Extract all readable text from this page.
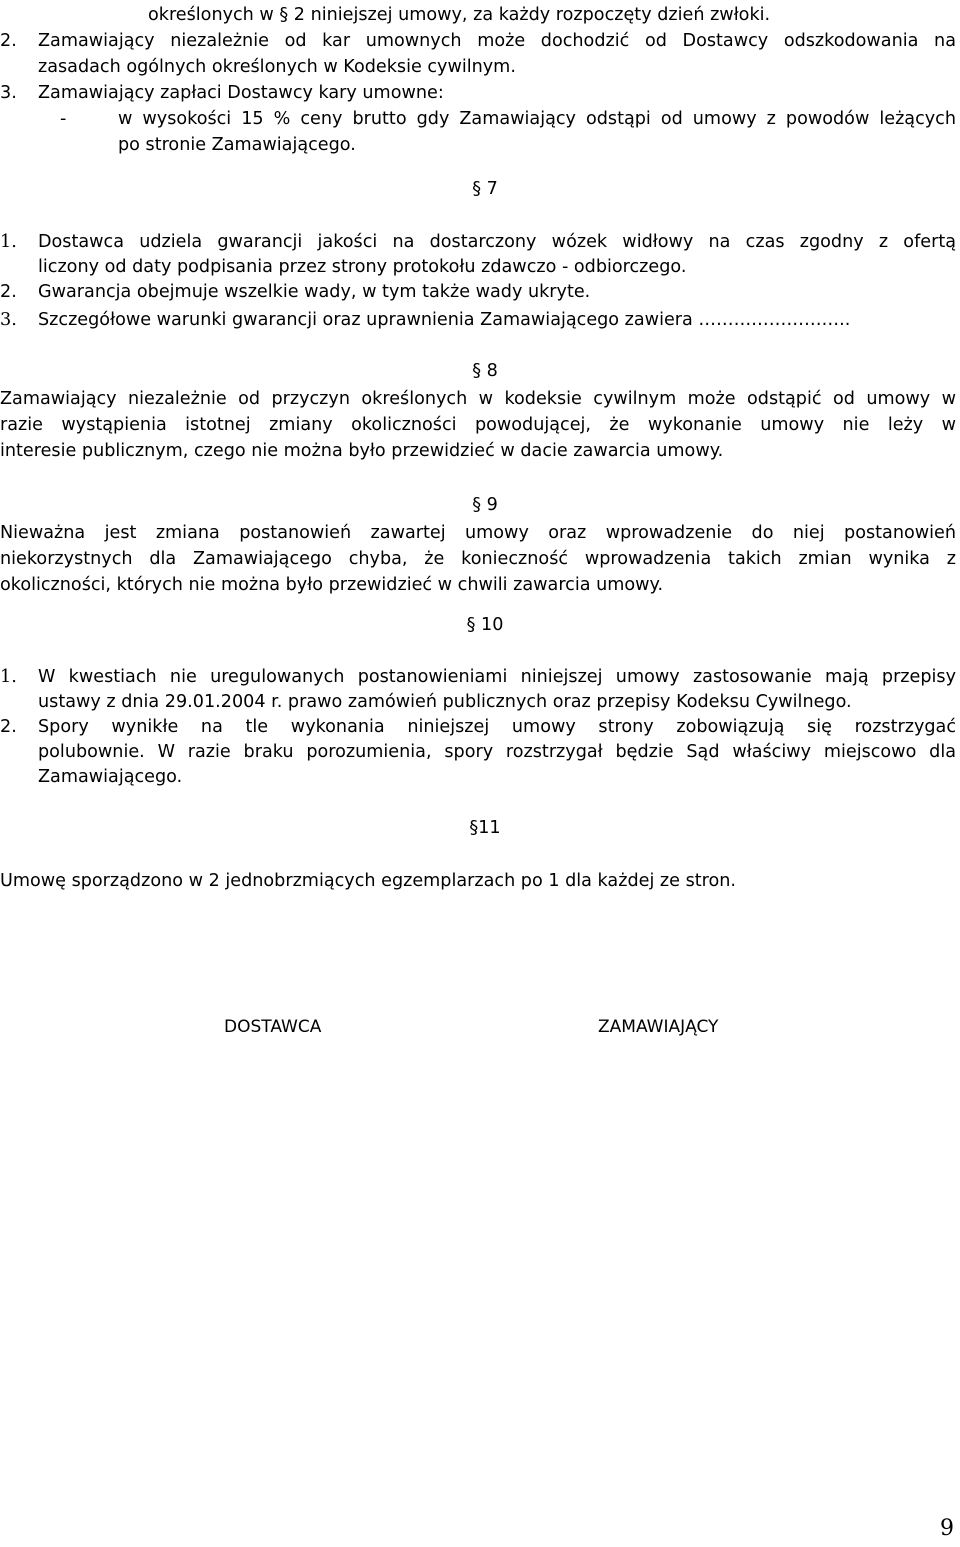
określonych w § 2 niniejszej umowy, za każdy rozpoczęty dzień zwłoki.
2. Zamawiający niezależnie od kar umownych może dochodzić od Dostawcy odszkodowania na
zasadach ogólnych określonych w Kodeksie cywilnym.
3. Zamawiający zapłaci Dostawcy kary umowne:
-	w wysokości 15 % ceny brutto gdy Zamawiający odstąpi od umowy z powodów leżących
po stronie Zamawiającego.
§ 7
1. Dostawca udziela gwarancji jakości na dostarczony wózek widłowy na czas zgodny z ofertą
liczony od daty podpisania przez strony protokołu zdawczo - odbiorczego.
2. Gwarancja obejmuje wszelkie wady, w tym także wady ukryte.
3. Szczegółowe warunki gwarancji oraz uprawnienia Zamawiającego zawiera ……………………..
§ 8
Zamawiający niezależnie od przyczyn określonych w kodeksie cywilnym może odstąpić od umowy w
razie wystąpienia istotnej zmiany okoliczności powodującej, że wykonanie umowy nie leży w
interesie publicznym, czego nie można było przewidzieć w dacie zawarcia umowy.
§ 9
Nieważna jest zmiana postanowień zawartej umowy oraz wprowadzenie do niej postanowień
niekorzystnych dla Zamawiającego chyba, że konieczność wprowadzenia takich zmian wynika z
okoliczności, których nie można było przewidzieć w chwili zawarcia umowy.
§ 10
1. W kwestiach nie uregulowanych postanowieniami niniejszej umowy zastosowanie mają przepisy
ustawy z dnia 29.01.2004 r. prawo zamówień publicznych oraz przepisy Kodeksu Cywilnego.
2. Spory wynikłe na tle wykonania niniejszej umowy strony zobowiązują się rozstrzygać
polubownie. W razie braku porozumienia, spory rozstrzygał będzie Sąd właściwy miejscowo dla
Zamawiającego.
§11
Umowę sporządzono w 2 jednobrzmiących egzemplarzach po 1 dla każdej ze stron.
DOSTAWCA	ZAMAWIAJĄCY
9
